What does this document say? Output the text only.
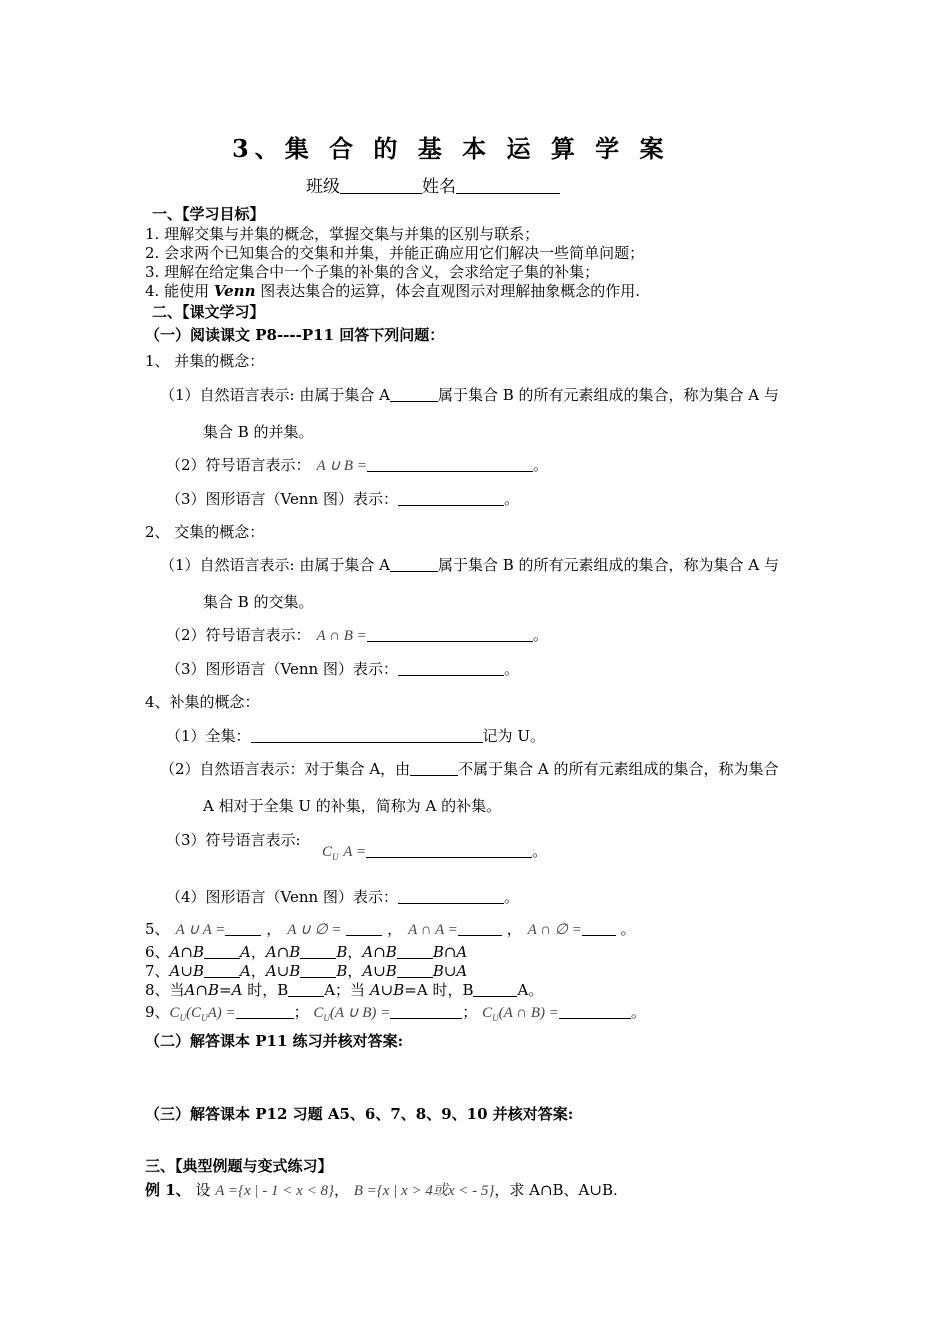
3、集 合 的 基 本 运 算 学 案
班级	姓名
一、【学习目标】
1. 理解交集与并集的概念，掌握交集与并集的区别与联系；
2. 会求两个已知集合的交集和并集，并能正确应用它们解决一些简单问题；
3. 理解在给定集合中一个子集的补集的含义，会求给定子集的补集；
4. 能使用 Venn 图表达集合的运算，体会直观图示对理解抽象概念的作用.
二、【课文学习】
（一）阅读课文 P8----P11 回答下列问题：
1、 并集的概念：
（1）自然语言表示: 由属于集合 A	属于集合 B 的所有元素组成的集合，称为集合 A 与
集合 B 的并集。
（2）符号语言表示： A ∪ B =	。
（3）图形语言（Venn 图）表示：	。
2、 交集的概念：
（1）自然语言表示: 由属于集合 A	属于集合 B 的所有元素组成的集合，称为集合 A 与
集合 B 的交集。
（2）符号语言表示： A ∩ B =	。
（3）图形语言（Venn 图）表示：	。
4、补集的概念：
（1）全集：	记为 U。
（2）自然语言表示：对于集合 A，由	不属于集合 A 的所有元素组成的集合，称为集合
A 相对于全集 U 的补集，简称为 A 的补集。
（3）符号语言表示:
$C_U$ A =	。
（4）图形语言（Venn 图）表示：	。
5、 A ∪ A = ， A ∪ ∅ =	， A ∩ A =	， A ∩ ∅ = 。
6、A∩B A，A∩B B，A∩B B∩A
7、A∪B A，A∪B B，A∪B B∪A
8、当A∩B=A 时，B A；当 A∪B=A 时，B	A。
9、$C_U(C_UA)$ =	； $C_U(A$ ∪ B) =	； $C_U(A$ ∩ B) =	。
（二）解答课本 P11 练习并核对答案:
（三）解答课本 P12 习题 A5、6、7、8、9、10 并核对答案:
三、【典型例题与变式练习】
例 1、 设 A ={x | - 1 < x < 8}， B ={x | x > 4或x < - 5}，求 A∩B、A∪B.
